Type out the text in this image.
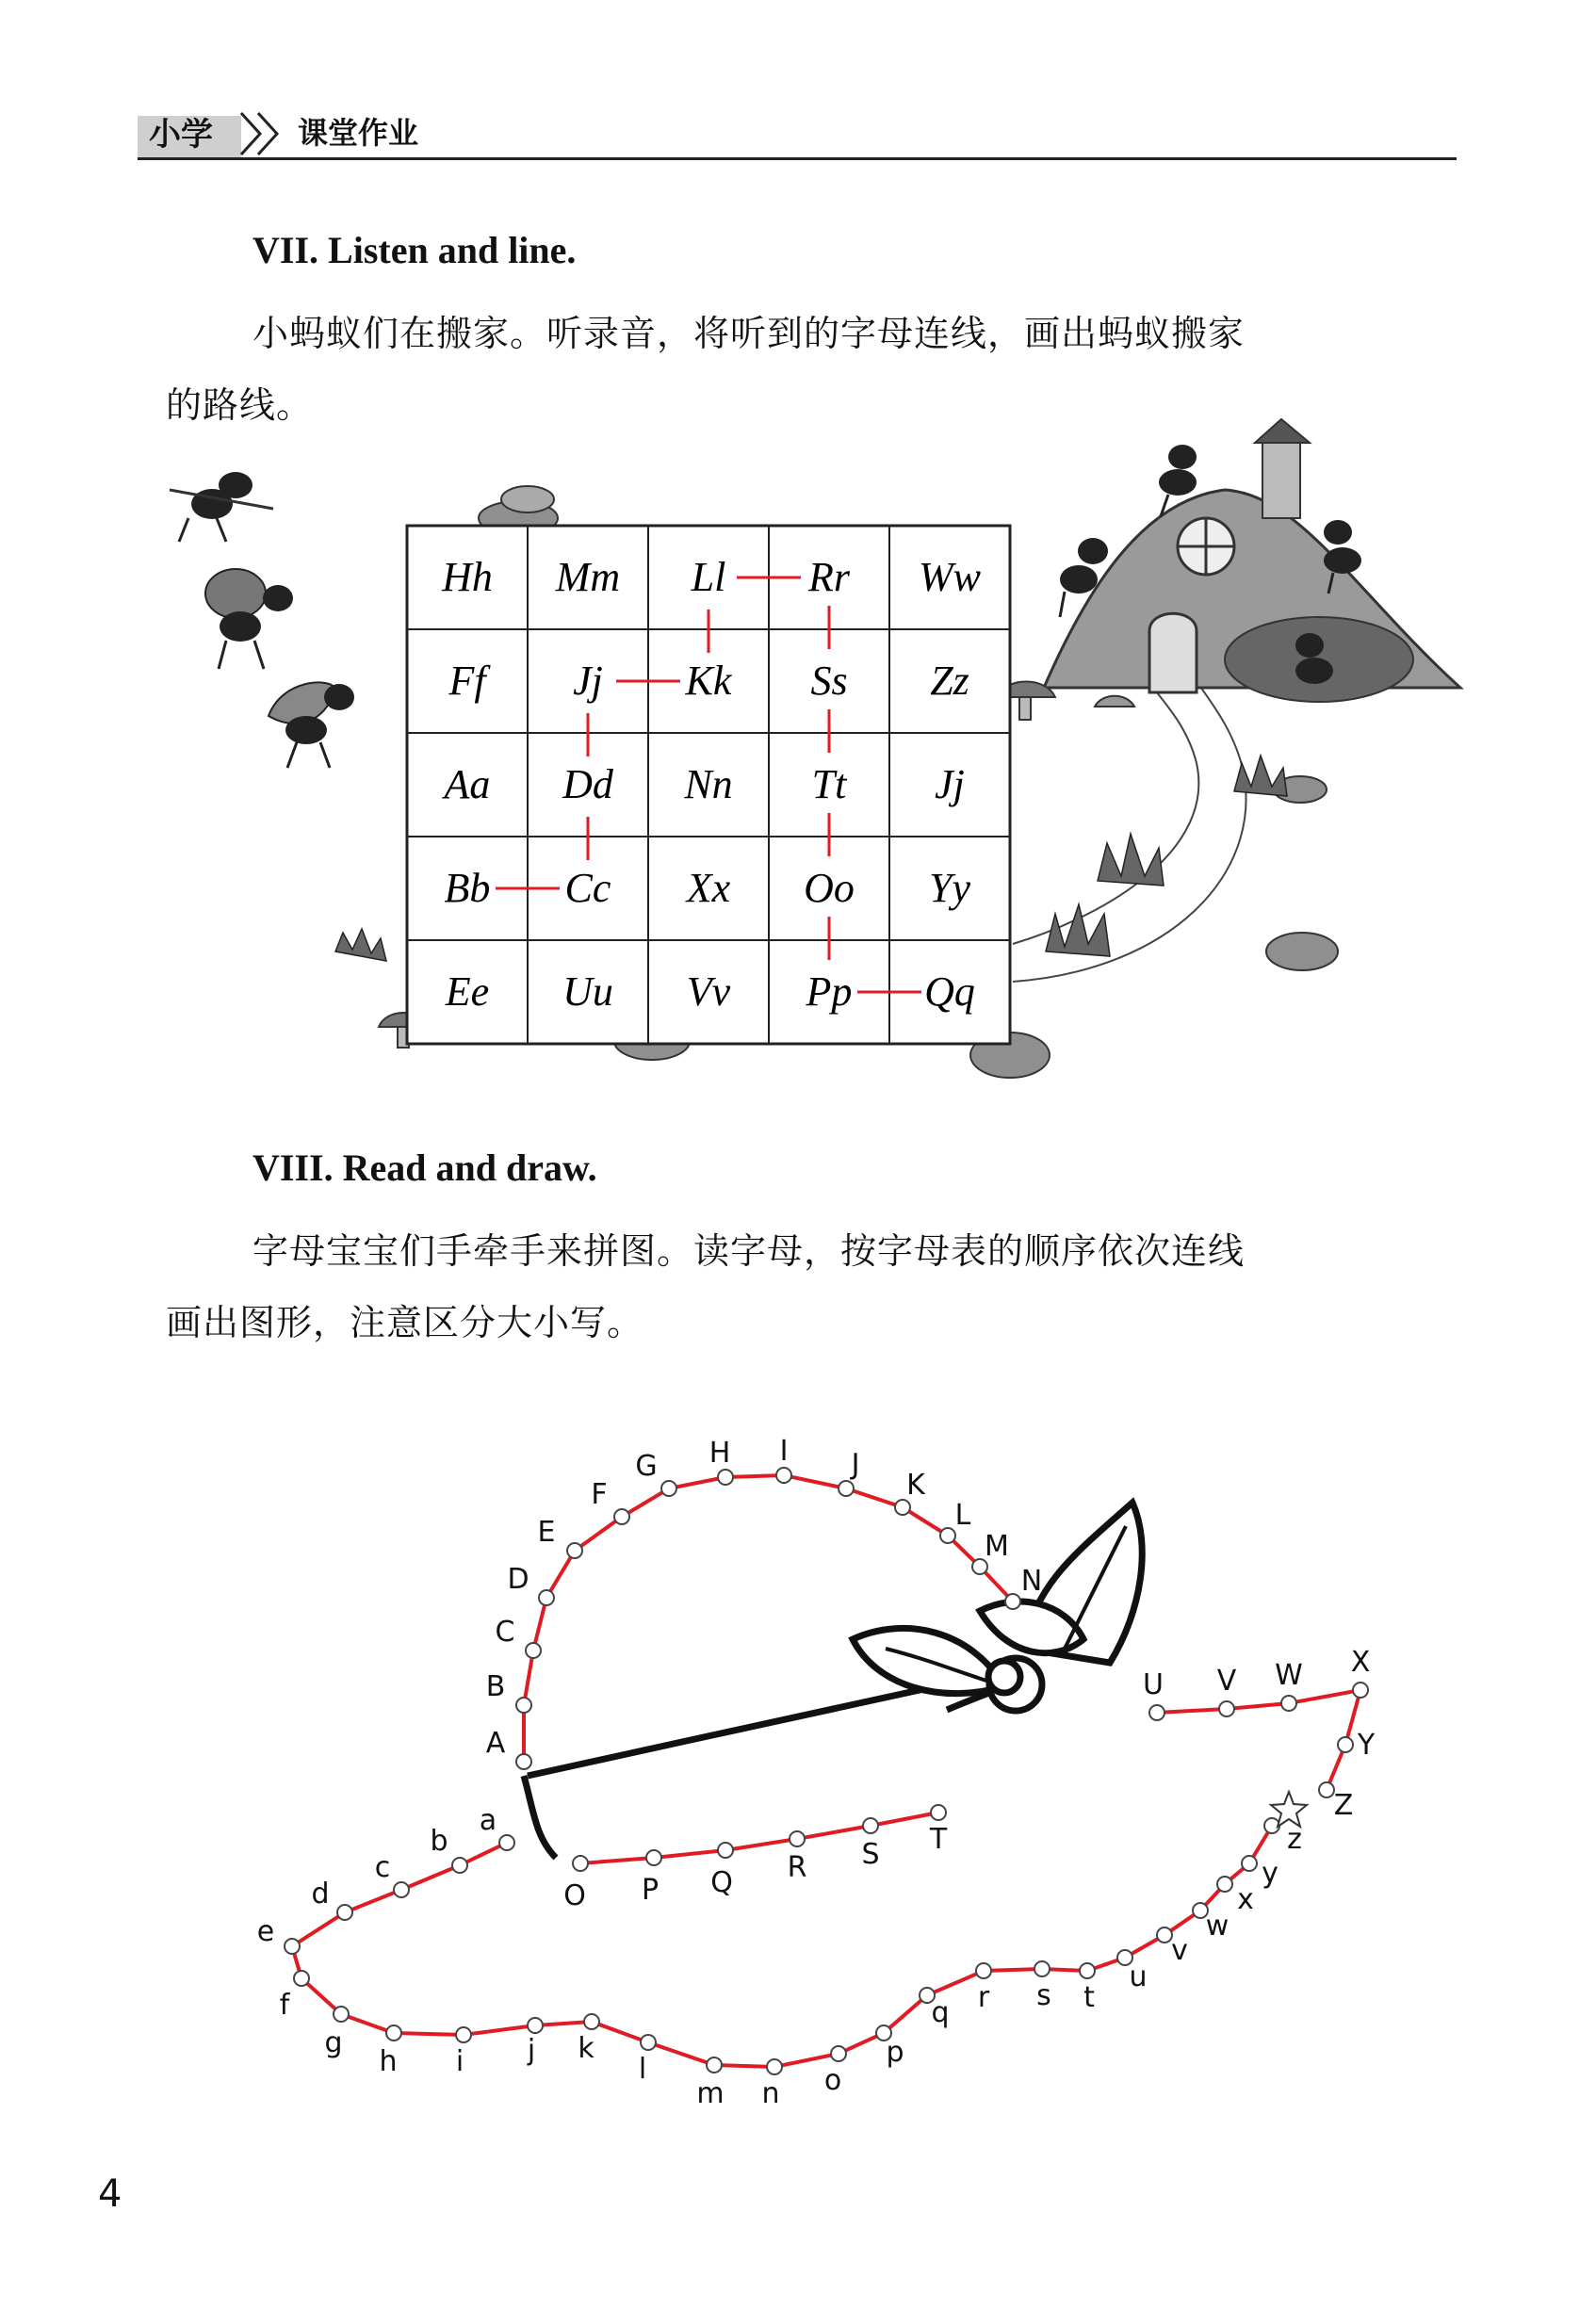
小学	课堂作业
VII. Listen and line.
小蚂蚁们在搬家。听录音，将听到的字母连线，画出蚂蚁搬家
的路线。
Hh Mm Ll Rr Ww
Ff Jj Kk Ss Zz
Aa Dd Nn Tt Jj
Bb Cc Xx Oo Yy
Ee Uu Vv Pp Qq
VIII. Read and draw.
字母宝宝们手牵手来拼图。读字母，按字母表的顺序依次连线
画出图形，注意区分大小写。
A
B
C
D
E
F
G H I J
K
L
M
N
O P Q R S T
U V W X
Y
Z
a
b
c
d
e
f
g
h i j k
l
m n o
p
q r s t
u
v
w
x
y
z
4
